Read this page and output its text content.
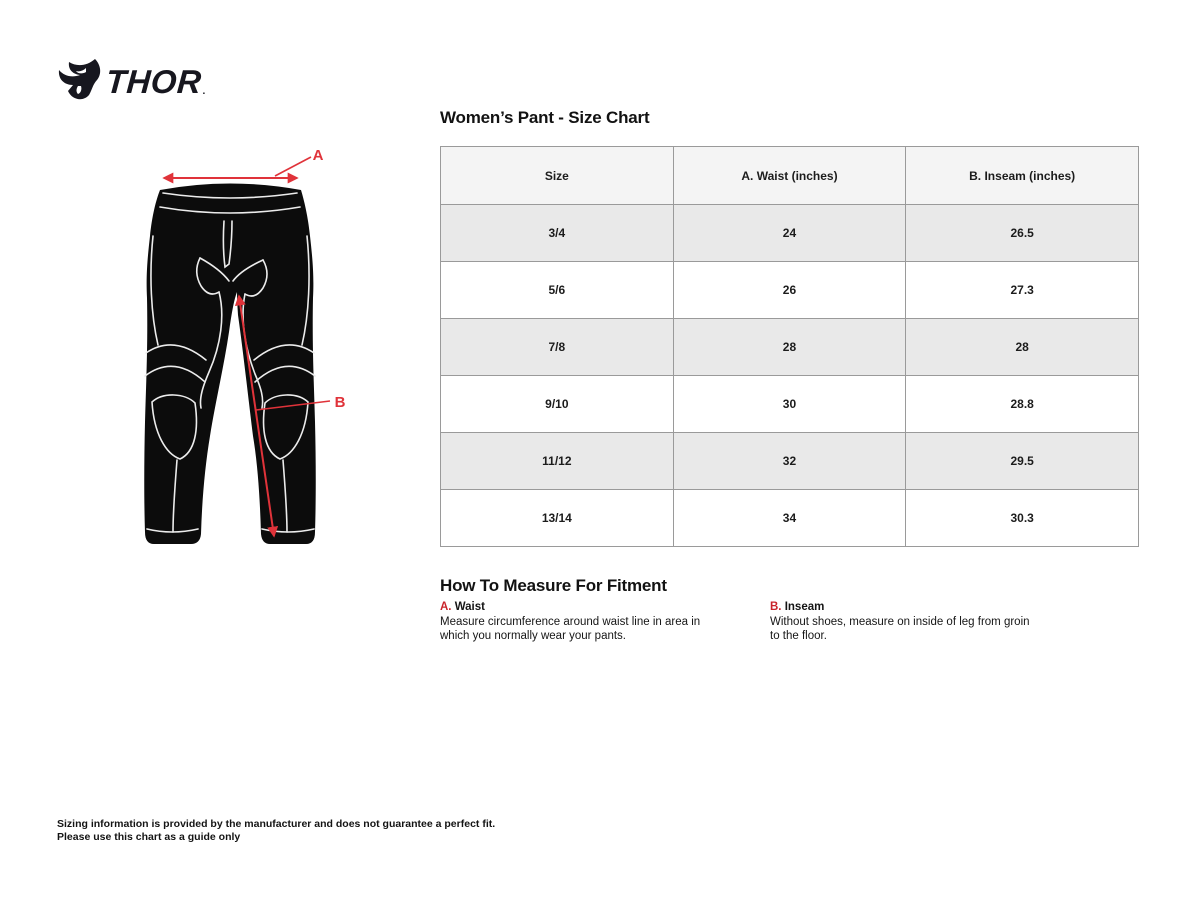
THOR .
A
B
Women’s Pant - Size Chart
Size	A. Waist (inches)	B. Inseam (inches)
3/4	24	26.5
5/6	26	27.3
7/8	28	28
9/10	30	28.8
11/12	32	29.5
13/14	34	30.3
How To Measure For Fitment
A. Waist
Measure circumference around waist line in area in which you normally wear your pants.
B. Inseam
Without shoes, measure on inside of leg from groin to the floor.
Sizing information is provided by the manufacturer and does not guarantee a perfect fit.
Please use this chart as a guide only
